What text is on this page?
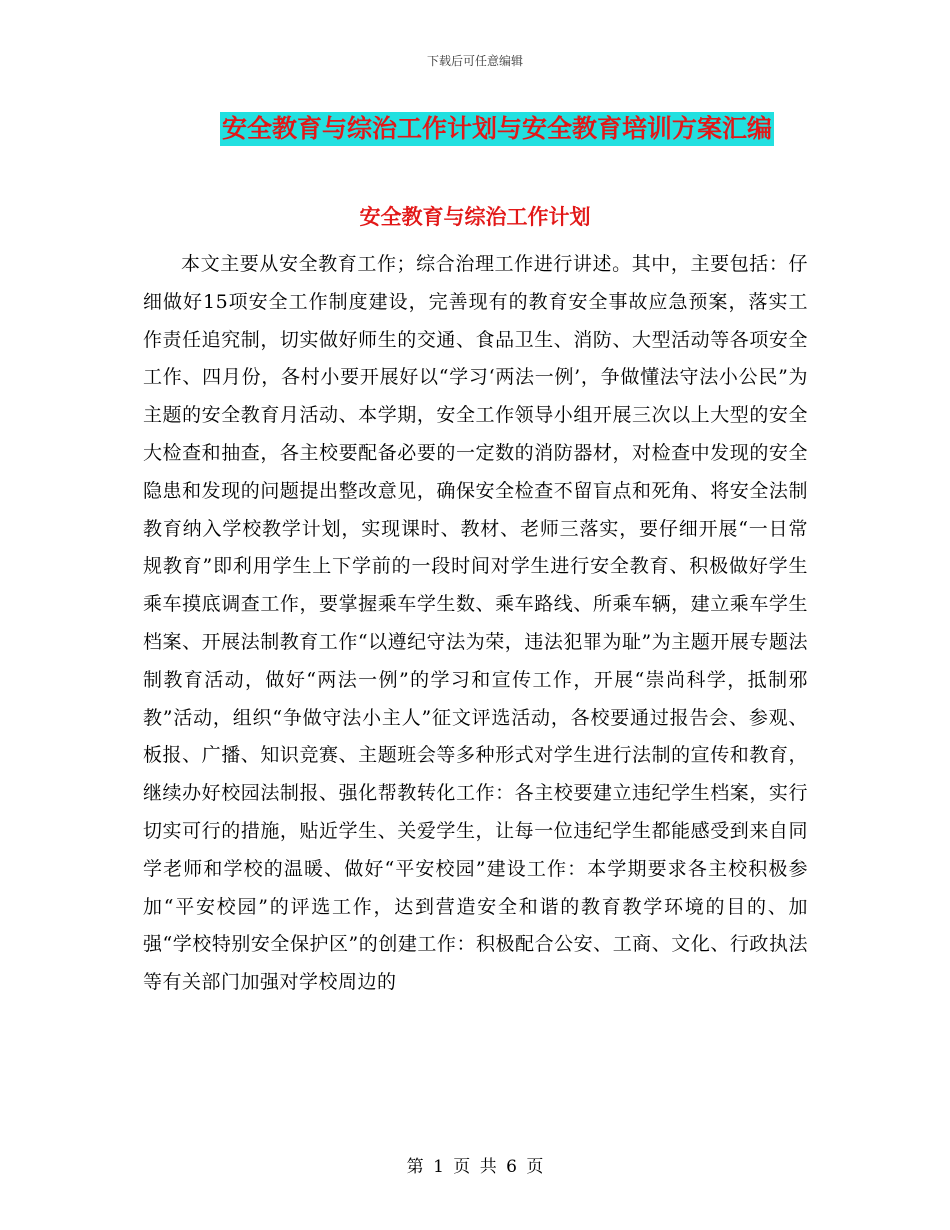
下载后可任意编辑
安全教育与综治工作计划与安全教育培训方案汇编
安全教育与综治工作计划

本文主要从安全教育工作；综合治理工作进行讲述。其中，主要包括：仔细做好15项安全工作制度建设，完善现有的教育安全事故应急预案，落实工作责任追究制，切实做好师生的交通、食品卫生、消防、大型活动等各项安全工作、四月份，各村小要开展好以“学习‘两法一例’，争做懂法守法小公民”为主题的安全教育月活动、本学期，安全工作领导小组开展三次以上大型的安全大检查和抽查，各主校要配备必要的一定数的消防器材，对检查中发现的安全隐患和发现的问题提出整改意见，确保安全检查不留盲点和死角、将安全法制教育纳入学校教学计划，实现课时、教材、老师三落实，要仔细开展“一日常规教育”即利用学生上下学前的一段时间对学生进行安全教育、积极做好学生乘车摸底调查工作，要掌握乘车学生数、乘车路线、所乘车辆，建立乘车学生档案、开展法制教育工作“以遵纪守法为荣，违法犯罪为耻”为主题开展专题法制教育活动，做好“两法一例”的学习和宣传工作，开展“崇尚科学，抵制邪教”活动，组织“争做守法小主人”征文评选活动，各校要通过报告会、参观、板报、广播、知识竞赛、主题班会等多种形式对学生进行法制的宣传和教育，继续办好校园法制报、强化帮教转化工作：各主校要建立违纪学生档案，实行切实可行的措施，贴近学生、关爱学生，让每一位违纪学生都能感受到来自同学老师和学校的温暖、做好“平安校园”建设工作：本学期要求各主校积极参加“平安校园”的评选工作，达到营造安全和谐的教育教学环境的目的、加强“学校特别安全保护区”的创建工作：积极配合公安、工商、文化、行政执法等有关部门加强对学校周边的

第 1 页 共 6 页
